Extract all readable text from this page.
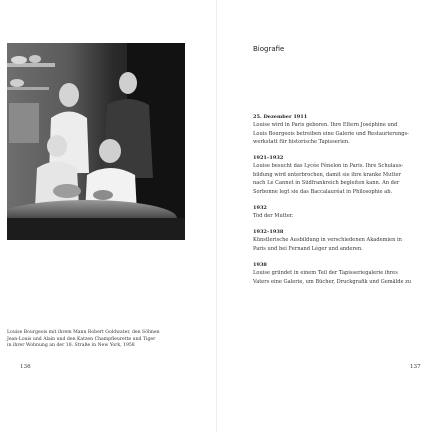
Louise Bourgeois mit ihrem Mann Robert Goldwater, den Söhnen
Jean-Louis und Alain und den Katzen Champfleurette und Tiger
in ihrer Wohnung an der 18. Straße in New York, 1958
136
Biografie
25. Dezember 1911
Louise wird in Paris geboren. Ihre Eltern Joséphine und
Louis Bourgeois betreiben eine Galerie und Restaurierungs-
werkstatt für historische Tapisserien.
1921–1932
Louise besucht das Lycée Fénelon in Paris. Ihre Schulaus-
bildung wird unterbrochen, damit sie ihre kranke Mutter
nach Le Cannet in Südfrankreich begleiten kann. An der
Sorbonne legt sie das Baccalauréat in Philosophie ab.
1932
Tod der Mutter.
1932–1938
Künstlerische Ausbildung in verschiedenen Akademien in
Paris und bei Fernand Léger und anderen.
1938
Louise gründet in einem Teil der Tapisseriegalerie ihres
Vaters eine Galerie, um Bücher, Druckgrafik und Gemälde zu
137
